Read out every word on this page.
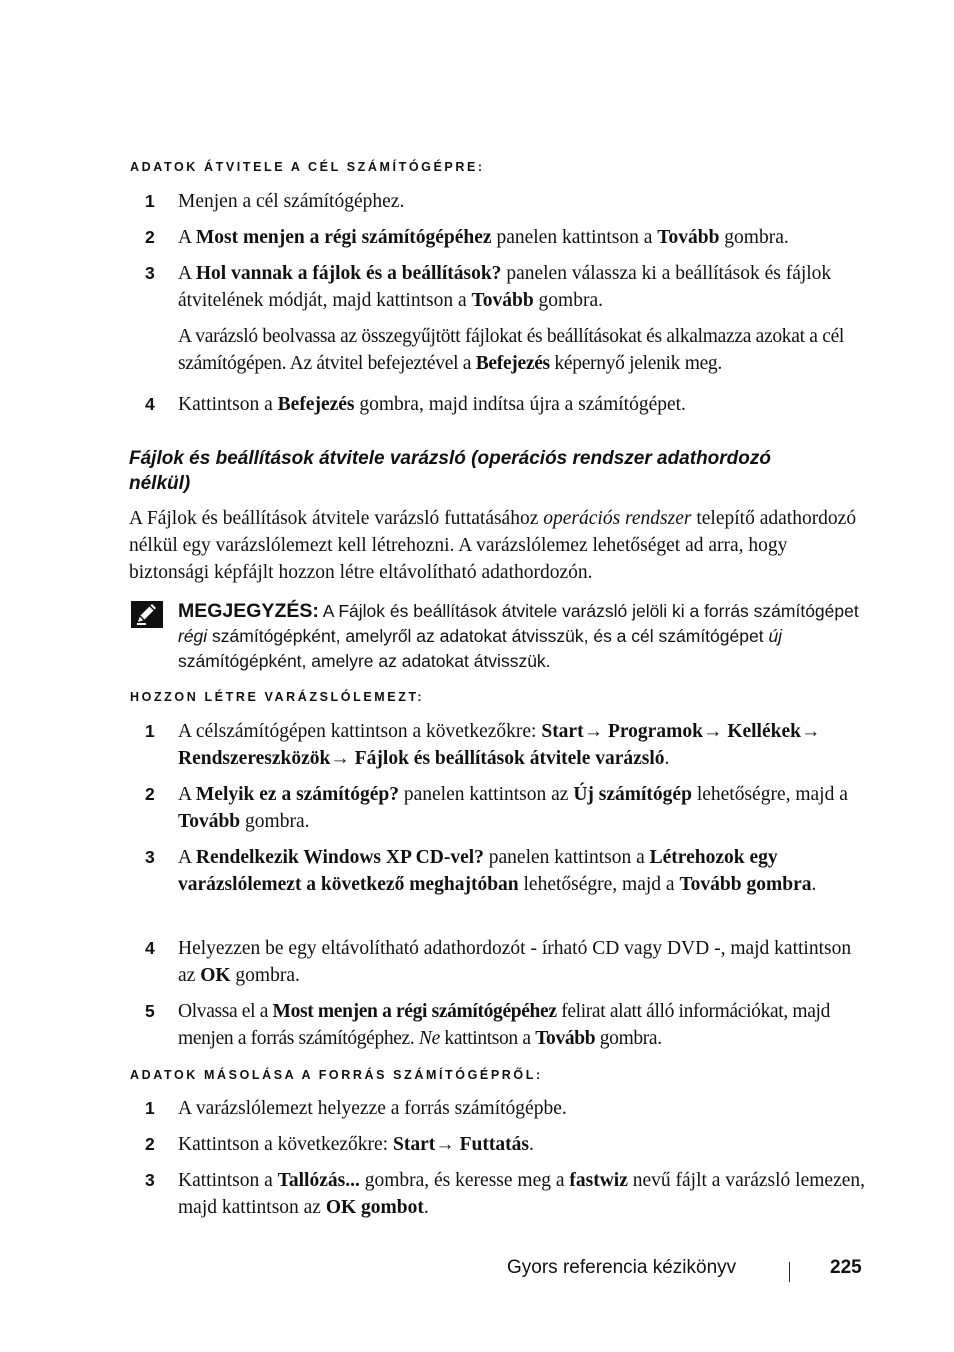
ADATOK ÁTVITELE A CÉL SZÁMÍTÓGÉPRE:
1 Menjen a cél számítógéphez.
2 A Most menjen a régi számítógépéhez panelen kattintson a Tovább gombra.
3 A Hol vannak a fájlok és a beállítások? panelen válassza ki a beállítások és fájlok átvitelének módját, majd kattintson a Tovább gombra.
A varázsló beolvassa az összegyűjtött fájlokat és beállításokat és alkalmazza azokat a cél számítógépen. Az átvitel befejeztével a Befejezés képernyő jelenik meg.
4 Kattintson a Befejezés gombra, majd indítsa újra a számítógépet.
Fájlok és beállítások átvitele varázsló (operációs rendszer adathordozó nélkül)
A Fájlok és beállítások átvitele varázsló futtatásához operációs rendszer telepítő adathordozó nélkül egy varázslólemezt kell létrehozni. A varázslólemez lehetőséget ad arra, hogy biztonsági képfájlt hozzon létre eltávolítható adathordozón.
MEGJEGYZÉS: A Fájlok és beállítások átvitele varázsló jelöli ki a forrás számítógépet régi számítógépként, amelyről az adatokat átvisszük, és a cél számítógépet új számítógépként, amelyre az adatokat átvisszük.
HOZZON LÉTRE VARÁZSLÓLEMEZT:
1 A célszámítógépen kattintson a következőkre: Start→ Programok→ Kellékek→ Rendszereszközök→ Fájlok és beállítások átvitele varázsló.
2 A Melyik ez a számítógép? panelen kattintson az Új számítógép lehetőségre, majd a Tovább gombra.
3 A Rendelkezik Windows XP CD-vel? panelen kattintson a Létrehozok egy varázslólemezt a következő meghajtóban lehetőségre, majd a Tovább gombra.
4 Helyezzen be egy eltávolítható adathordozót - írható CD vagy DVD -, majd kattintson az OK gombra.
5 Olvassa el a Most menjen a régi számítógépéhez felirat alatt álló információkat, majd menjen a forrás számítógéphez. Ne kattintson a Tovább gombra.
ADATOK MÁSOLÁSA A FORRÁS SZÁMÍTÓGÉPRŐL:
1 A varázslólemezt helyezze a forrás számítógépbe.
2 Kattintson a következőkre: Start→ Futtatás.
3 Kattintson a Tallózás... gombra, és keresse meg a fastwiz nevű fájlt a varázsló lemezen, majd kattintson az OK gombot.
Gyors referencia kézikönyv	225
